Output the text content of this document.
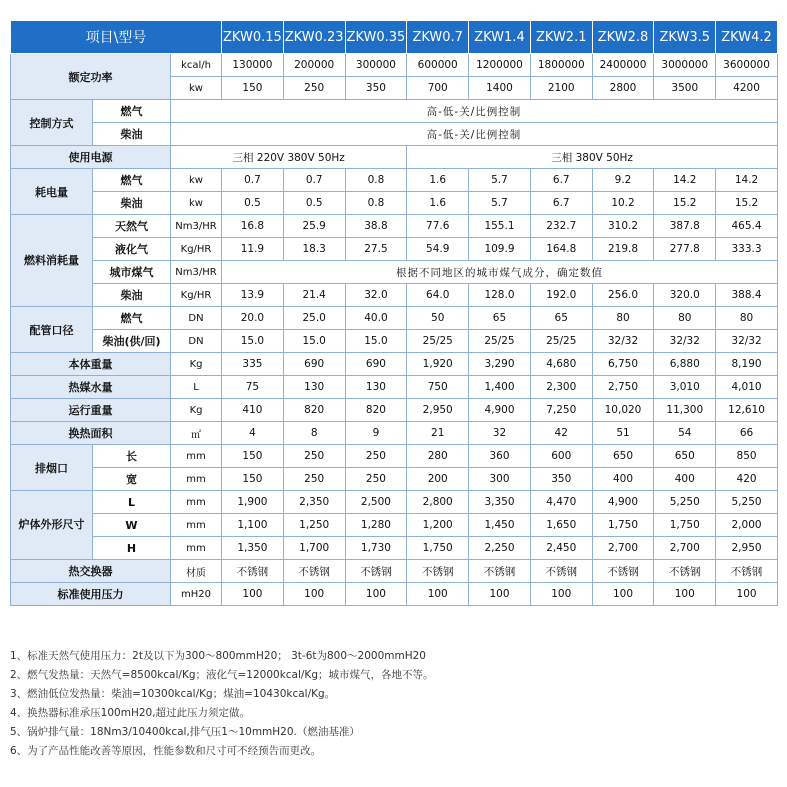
项目\型号			ZKW0.15	ZKW0.23	ZKW0.35	ZKW0.7	ZKW1.4	ZKW2.1	ZKW2.8	ZKW3.5	ZKW4.2
额定功率		kcal/h	130000	200000	300000	600000	1200000	1800000	2400000	3000000	3600000
		kw	150	250	350	700	1400	2100	2800	3500	4200
控制方式	燃气	高-低-关/比例控制									
	柴油	高-低-关/比例控制									
使用电源		三相 220V 380V 50Hz				三相 380V 50Hz					
耗电量	燃气	kw	0.7	0.7	0.8	1.6	5.7	6.7	9.2	14.2	14.2
	柴油	kw	0.5	0.5	0.8	1.6	5.7	6.7	10.2	15.2	15.2
燃料消耗量	天然气	Nm3/HR	16.8	25.9	38.8	77.6	155.1	232.7	310.2	387.8	465.4
	液化气	Kg/HR	11.9	18.3	27.5	54.9	109.9	164.8	219.8	277.8	333.3
	城市煤气	Nm3/HR	根据不同地区的城市煤气成分，确定数值								
	柴油	Kg/HR	13.9	21.4	32.0	64.0	128.0	192.0	256.0	320.0	388.4
配管口径	燃气	DN	20.0	25.0	40.0	50	65	65	80	80	80
	柴油(供/回)	DN	15.0	15.0	15.0	25/25	25/25	25/25	32/32	32/32	32/32
本体重量		Kg	335	690	690	1,920	3,290	4,680	6,750	6,880	8,190
热媒水量		L	75	130	130	750	1,400	2,300	2,750	3,010	4,010
运行重量		Kg	410	820	820	2,950	4,900	7,250	10,020	11,300	12,610
换热面积		㎡	4	8	9	21	32	42	51	54	66
排烟口	长	mm	150	250	250	280	360	600	650	650	850
	宽	mm	150	250	250	200	300	350	400	400	420
炉体外形尺寸	L	mm	1,900	2,350	2,500	2,800	3,350	4,470	4,900	5,250	5,250
	W	mm	1,100	1,250	1,280	1,200	1,450	1,650	1,750	1,750	2,000
	H	mm	1,350	1,700	1,730	1,750	2,250	2,450	2,700	2,700	2,950
热交换器		材质	不锈钢	不锈钢	不锈钢	不锈钢	不锈钢	不锈钢	不锈钢	不锈钢	不锈钢
标准使用压力		mH20	100	100	100	100	100	100	100	100	100
1、标准天然气使用压力：2t及以下为300～800mmH20； 3t-6t为800～2000mmH20
2、燃气发热量：天然气=8500kcal/Kg；液化气=12000kcal/Kg；城市煤气，各地不等。
3、燃油低位发热量：柴油=10300kcal/Kg；煤油=10430kcal/Kg。
4、换热器标准承压100mH20,超过此压力须定做。
5、锅炉排气量：18Nm3/10400kcal,排气压1～10mmH20.（燃油基准）
6、为了产品性能改善等原因，性能参数和尺寸可不经预告而更改。
